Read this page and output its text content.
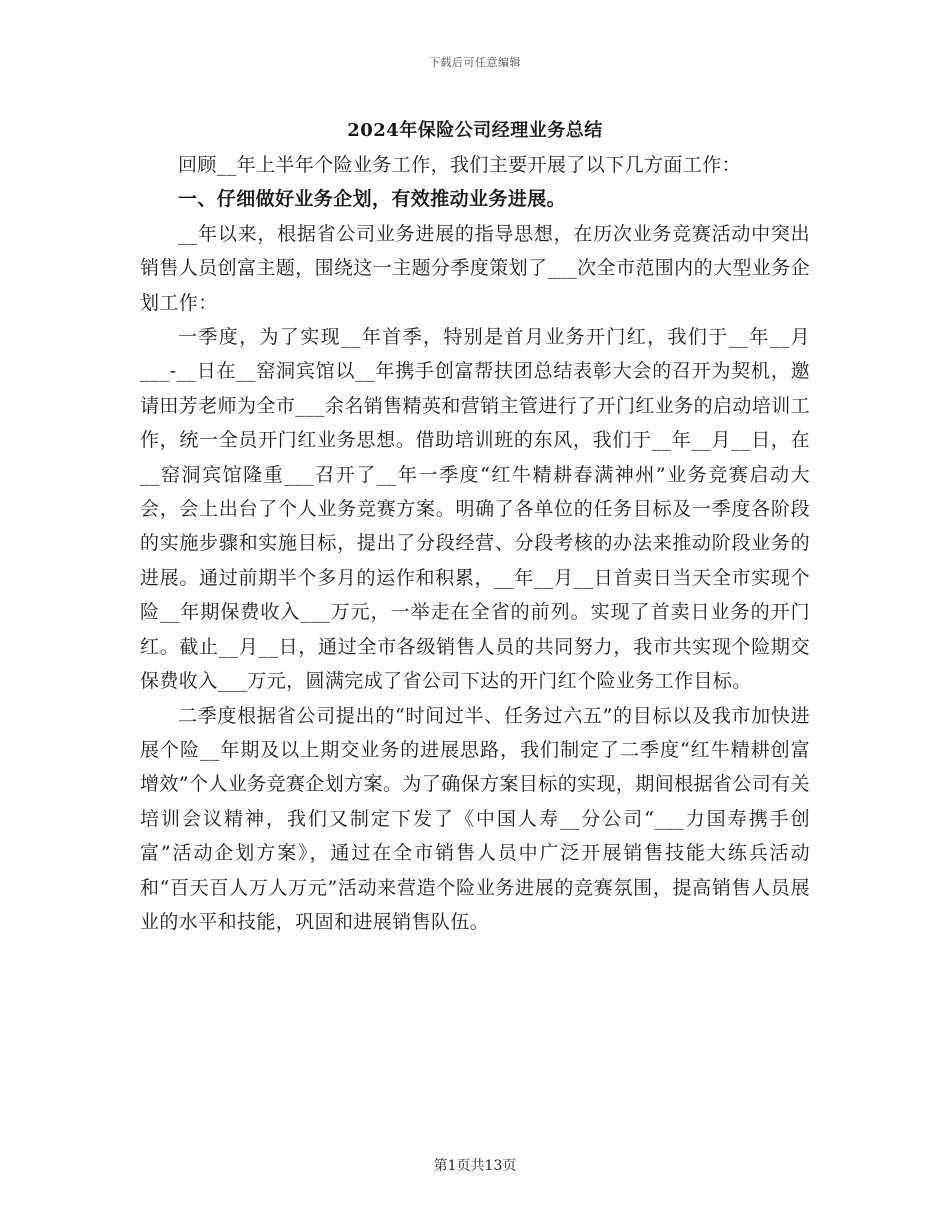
下载后可任意编辑
2024年保险公司经理业务总结

回顾__年上半年个险业务工作，我们主要开展了以下几方面工作：

一、仔细做好业务企划，有效推动业务进展。

__年以来，根据省公司业务进展的指导思想，在历次业务竞赛活动中突出销售人员创富主题，围绕这一主题分季度策划了___次全市范围内的大型业务企划工作：

一季度，为了实现__年首季，特别是首月业务开门红，我们于__年__月___-__日在__窑洞宾馆以__年携手创富帮扶团总结表彰大会的召开为契机，邀请田芳老师为全市___余名销售精英和营销主管进行了开门红业务的启动培训工作，统一全员开门红业务思想。借助培训班的东风，我们于__年__月__日，在__窑洞宾馆隆重___召开了__年一季度“红牛精耕春满神州”业务竞赛启动大会，会上出台了个人业务竞赛方案。明确了各单位的任务目标及一季度各阶段的实施步骤和实施目标，提出了分段经营、分段考核的办法来推动阶段业务的进展。通过前期半个多月的运作和积累，__年__月__日首卖日当天全市实现个险__年期保费收入___万元，一举走在全省的前列。实现了首卖日业务的开门红。截止__月__日，通过全市各级销售人员的共同努力，我市共实现个险期交保费收入___万元，圆满完成了省公司下达的开门红个险业务工作目标。

二季度根据省公司提出的“时间过半、任务过六五”的目标以及我市加快进展个险__年期及以上期交业务的进展思路，我们制定了二季度“红牛精耕创富增效”个人业务竞赛企划方案。为了确保方案目标的实现，期间根据省公司有关培训会议精神，我们又制定下发了《中国人寿__分公司“___力国寿携手创富”活动企划方案》，通过在全市销售人员中广泛开展销售技能大练兵活动和“百天百人万人万元”活动来营造个险业务进展的竞赛氛围，提高销售人员展业的水平和技能，巩固和进展销售队伍。

第1页共13页
